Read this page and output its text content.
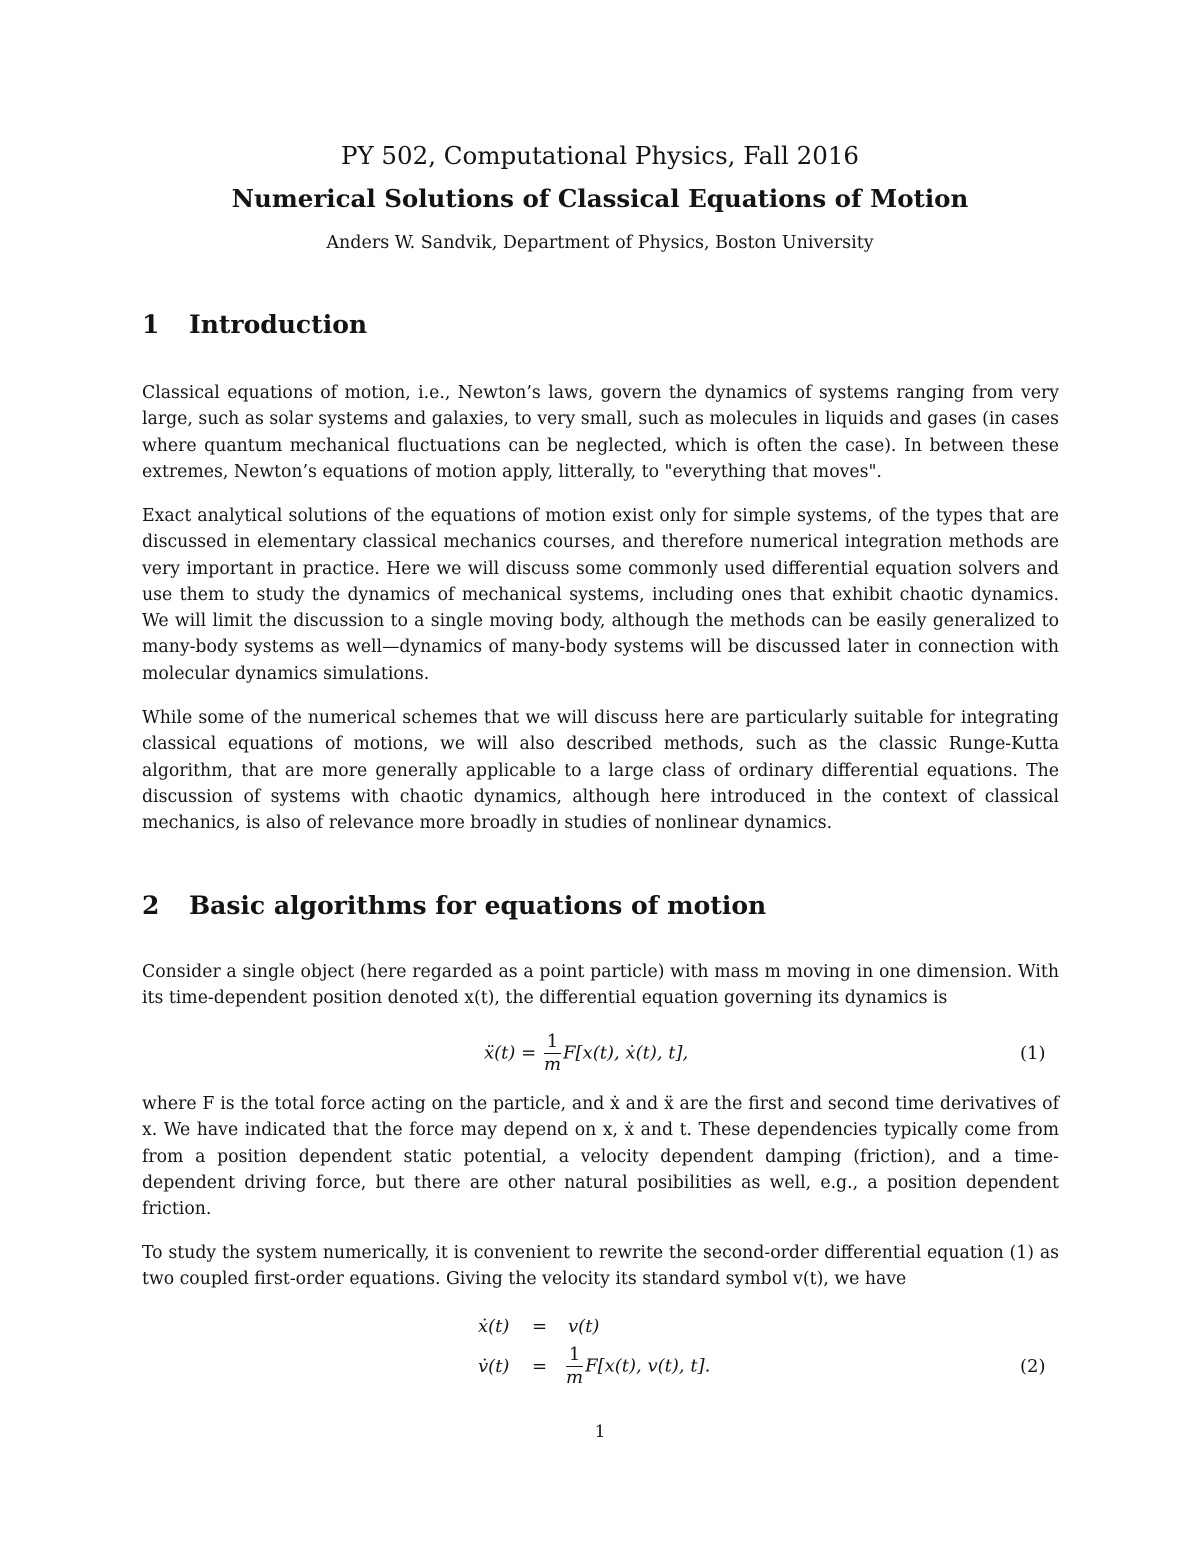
PY 502, Computational Physics, Fall 2016
Numerical Solutions of Classical Equations of Motion
Anders W. Sandvik, Department of Physics, Boston University
1 Introduction

Classical equations of motion, i.e., Newton’s laws, govern the dynamics of systems ranging from very large, such as solar systems and galaxies, to very small, such as molecules in liquids and gases (in cases where quantum mechanical fluctuations can be neglected, which is often the case). In between these extremes, Newton’s equations of motion apply, litterally, to "everything that moves".

Exact analytical solutions of the equations of motion exist only for simple systems, of the types that are discussed in elementary classical mechanics courses, and therefore numerical integration methods are very important in practice. Here we will discuss some commonly used differential equation solvers and use them to study the dynamics of mechanical systems, including ones that exhibit chaotic dynamics. We will limit the discussion to a single moving body, although the methods can be easily generalized to many-body systems as well—dynamics of many-body systems will be discussed later in connection with molecular dynamics simulations.

While some of the numerical schemes that we will discuss here are particularly suitable for integrating classical equations of motions, we will also described methods, such as the classic Runge-Kutta algorithm, that are more generally applicable to a large class of ordinary differential equations. The discussion of systems with chaotic dynamics, although here introduced in the context of classical mechanics, is also of relevance more broadly in studies of nonlinear dynamics.

2 Basic algorithms for equations of motion

Consider a single object (here regarded as a point particle) with mass m moving in one dimension. With its time-dependent position denoted x(t), the differential equation governing its dynamics is

ẍ(t) = $\frac{1}{m} F[x(t)$, ẋ(t), t],	(1)

where F is the total force acting on the particle, and ẋ and ẍ are the first and second time derivatives of x. We have indicated that the force may depend on x, ẋ and t. These dependencies typically come from from a position dependent static potential, a velocity dependent damping (friction), and a time-dependent driving force, but there are other natural posibilities as well, e.g., a position dependent friction.

To study the system numerically, it is convenient to rewrite the second-order differential equation (1) as two coupled first-order equations. Giving the velocity its standard symbol v(t), we have

ẋ(t) = v(t)
v̇(t) = $\frac{1}{m} F[x(t)$, v(t), t].	(2)
1
